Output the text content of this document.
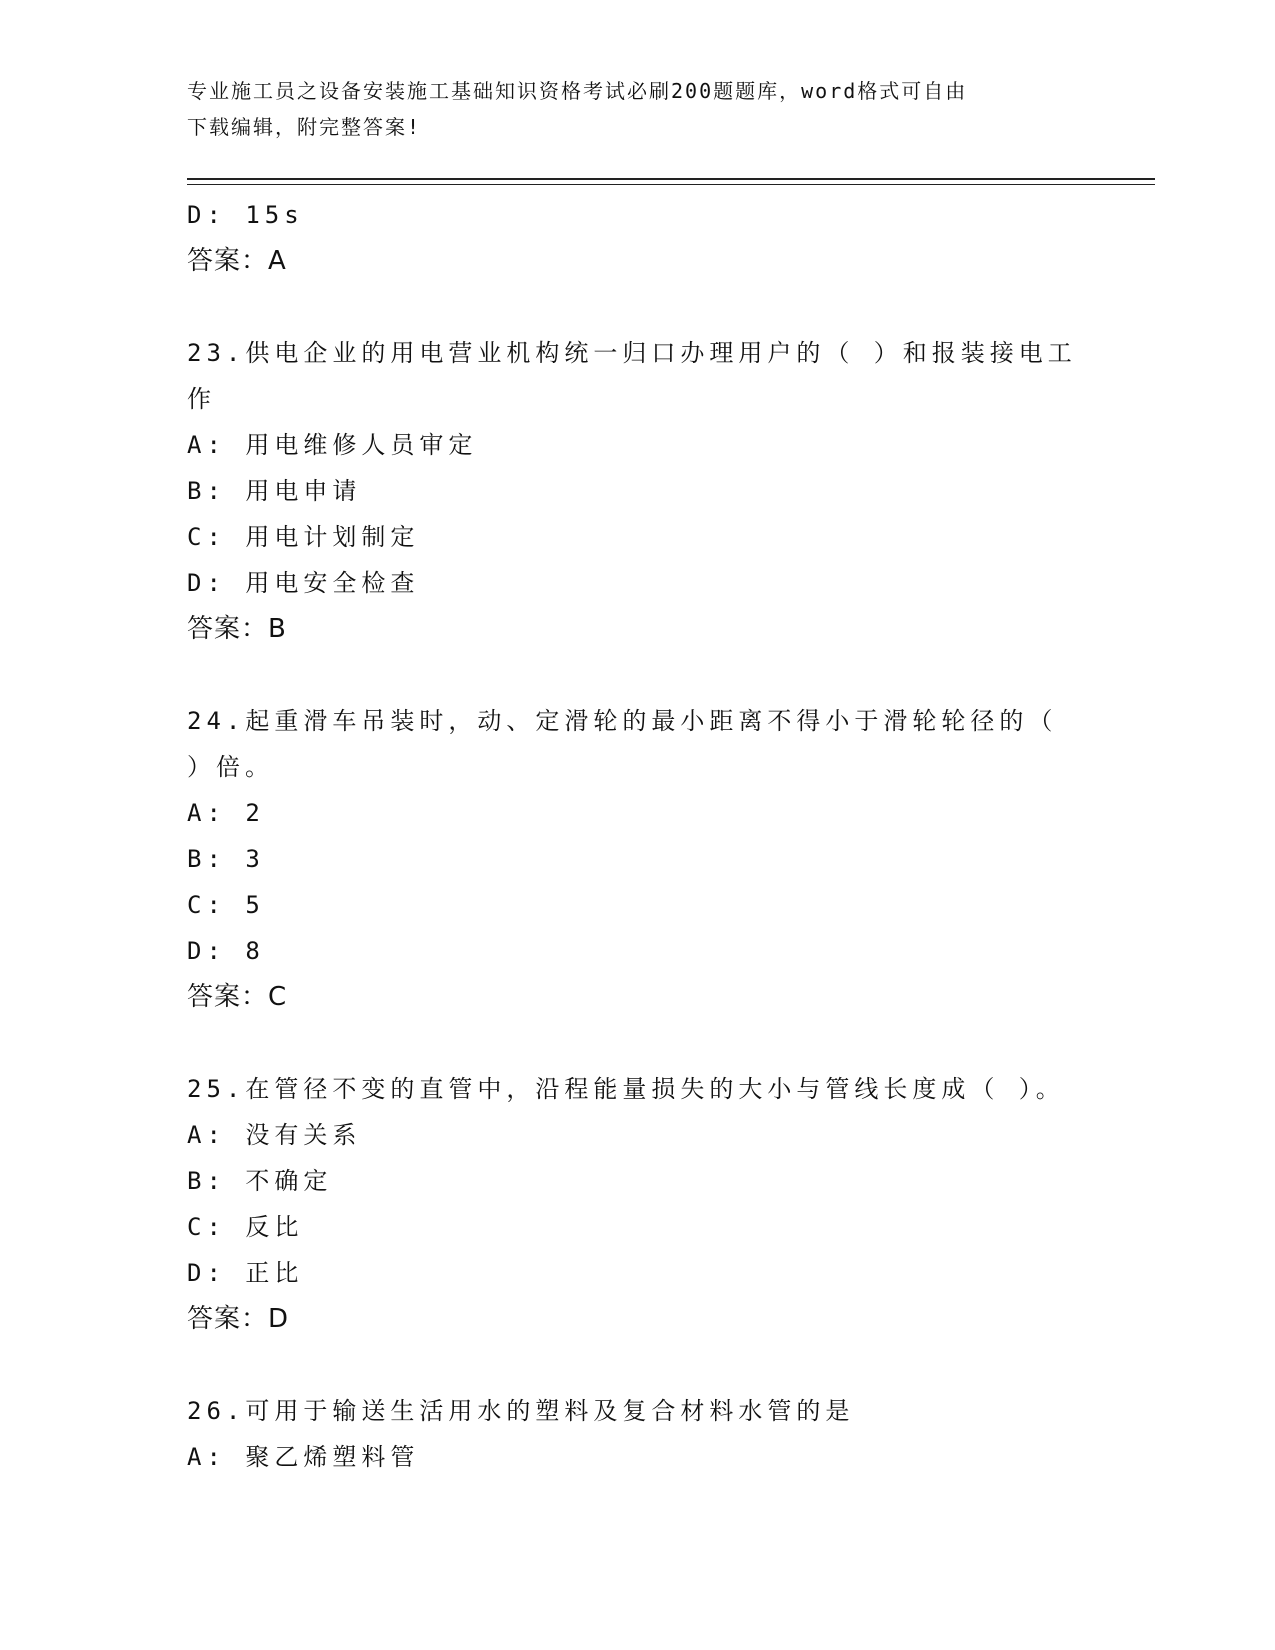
专业施工员之设备安装施工基础知识资格考试必刷200题题库，word格式可自由
下载编辑，附完整答案!
D: 15s
答案：A
23.供电企业的用电营业机构统一归口办理用户的（ ）和报装接电工
作
A: 用电维修人员审定
B: 用电申请
C: 用电计划制定
D: 用电安全检查
答案：B
24.起重滑车吊装时，动、定滑轮的最小距离不得小于滑轮轮径的（
）倍。
A: 2
B: 3
C: 5
D: 8
答案：C
25.在管径不变的直管中，沿程能量损失的大小与管线长度成（ ）。
A: 没有关系
B: 不确定
C: 反比
D: 正比
答案：D
26.可用于输送生活用水的塑料及复合材料水管的是
A: 聚乙烯塑料管
